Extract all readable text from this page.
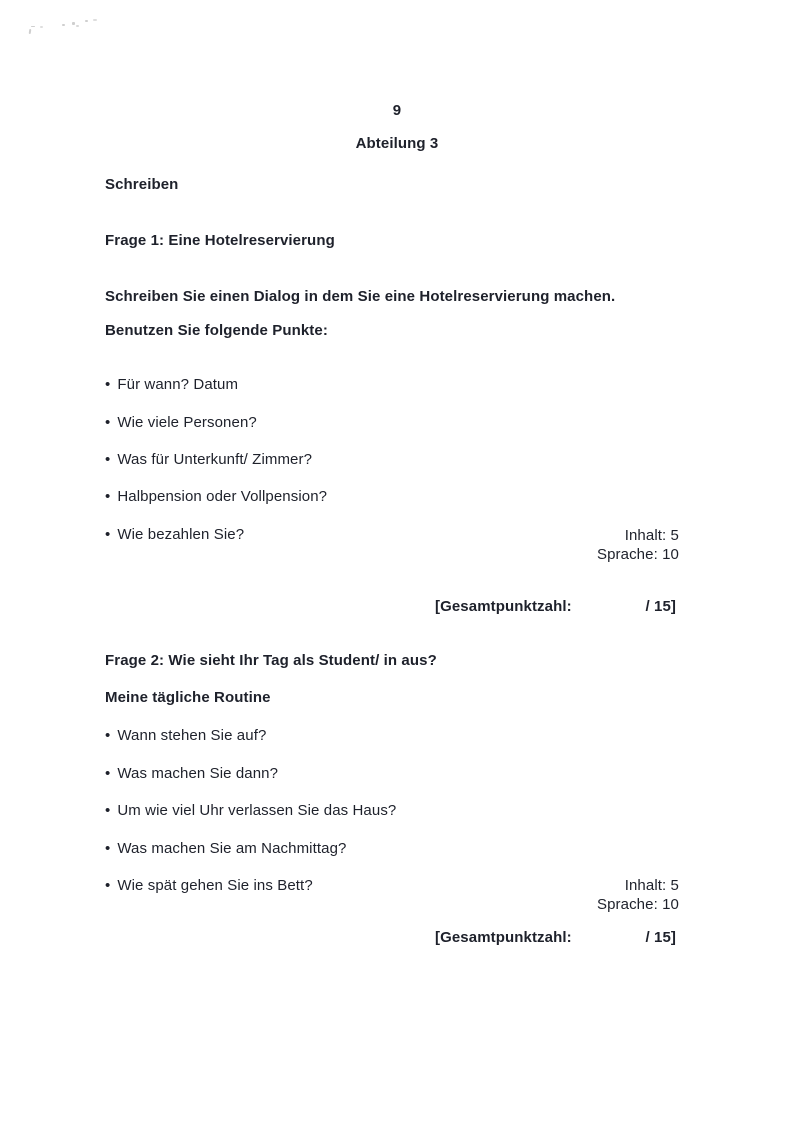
9
Abteilung 3
Schreiben
Frage 1: Eine Hotelreservierung
Schreiben Sie einen Dialog in dem Sie eine Hotelreservierung machen.
Benutzen Sie folgende Punkte:
• Für wann? Datum
• Wie viele Personen?
• Was für Unterkunft/ Zimmer?
• Halbpension oder Vollpension?
• Wie bezahlen Sie?	Inhalt: 5
Sprache: 10
[Gesamtpunktzahl:	/ 15]
Frage 2: Wie sieht Ihr Tag als Student/ in aus?
Meine tägliche Routine
• Wann stehen Sie auf?
• Was machen Sie dann?
• Um wie viel Uhr verlassen Sie das Haus?
• Was machen Sie am Nachmittag?
• Wie spät gehen Sie ins Bett?	Inhalt: 5
Sprache: 10
[Gesamtpunktzahl:	/ 15]
